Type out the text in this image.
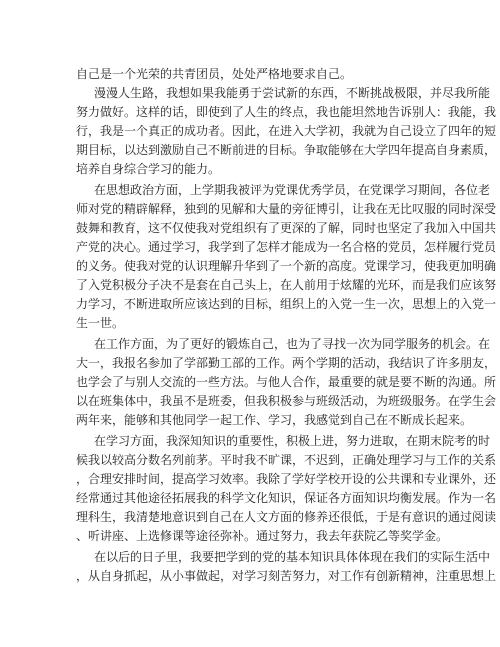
自己是一个光荣的共青团员，处处严格地要求自己。
漫漫人生路，我想如果我能勇于尝试新的东西，不断挑战极限，并尽我所能
努力做好。这样的话，即使到了人生的终点，我也能坦然地告诉别人：我能，我
行，我是一个真正的成功者。因此，在进入大学初，我就为自己设立了四年的短
期目标，以达到激励自己不断前进的目标。争取能够在大学四年提高自身素质，
培养自身综合学习的能力。
在思想政治方面，上学期我被评为党课优秀学员，在党课学习期间，各位老
师对党的精辟解释，独到的见解和大量的旁征博引，让我在无比叹服的同时深受
鼓舞和教育，这不仅使我对党组织有了更深的了解，同时也坚定了我加入中国共
产党的决心。通过学习，我学到了怎样才能成为一名合格的党员，怎样履行党员
的义务。使我对党的认识理解升华到了一个新的高度。党课学习，使我更加明确
了入党积极分子决不是套在自己头上，在人前用于炫耀的光环，而是我们应该努
力学习，不断进取所应该达到的目标，组织上的入党一生一次，思想上的入党一
生一世。
在工作方面，为了更好的锻炼自己，也为了寻找一次为同学服务的机会。在
大一，我报名参加了学部勤工部的工作。两个学期的活动，我结识了许多朋友，
也学会了与别人交流的一些方法。与他人合作，最重要的就是要不断的沟通。所
以在班集体中，我虽不是班委，但我积极参与班级活动，为班级服务。在学生会
两年来，能够和其他同学一起工作、学习，我感觉到自己在不断成长起来。
在学习方面，我深知知识的重要性，积极上进，努力进取，在期末院考的时
候我以较高分数名列前茅。平时我不旷课，不迟到，正确处理学习与工作的关系
，合理安排时间，提高学习效率。我除了学好学校开设的公共课和专业课外，还
经常通过其他途径拓展我的科学文化知识，保证各方面知识均衡发展。作为一名
理科生，我清楚地意识到自己在人文方面的修养还很低，于是有意识的通过阅读
、听讲座、上选修课等途径弥补。通过努力，我去年获院乙等奖学金。
在以后的日子里，我要把学到的党的基本知识具体体现在我们的实际生活中
，从自身抓起，从小事做起，对学习刻苦努力，对工作有创新精神，注重思想上
